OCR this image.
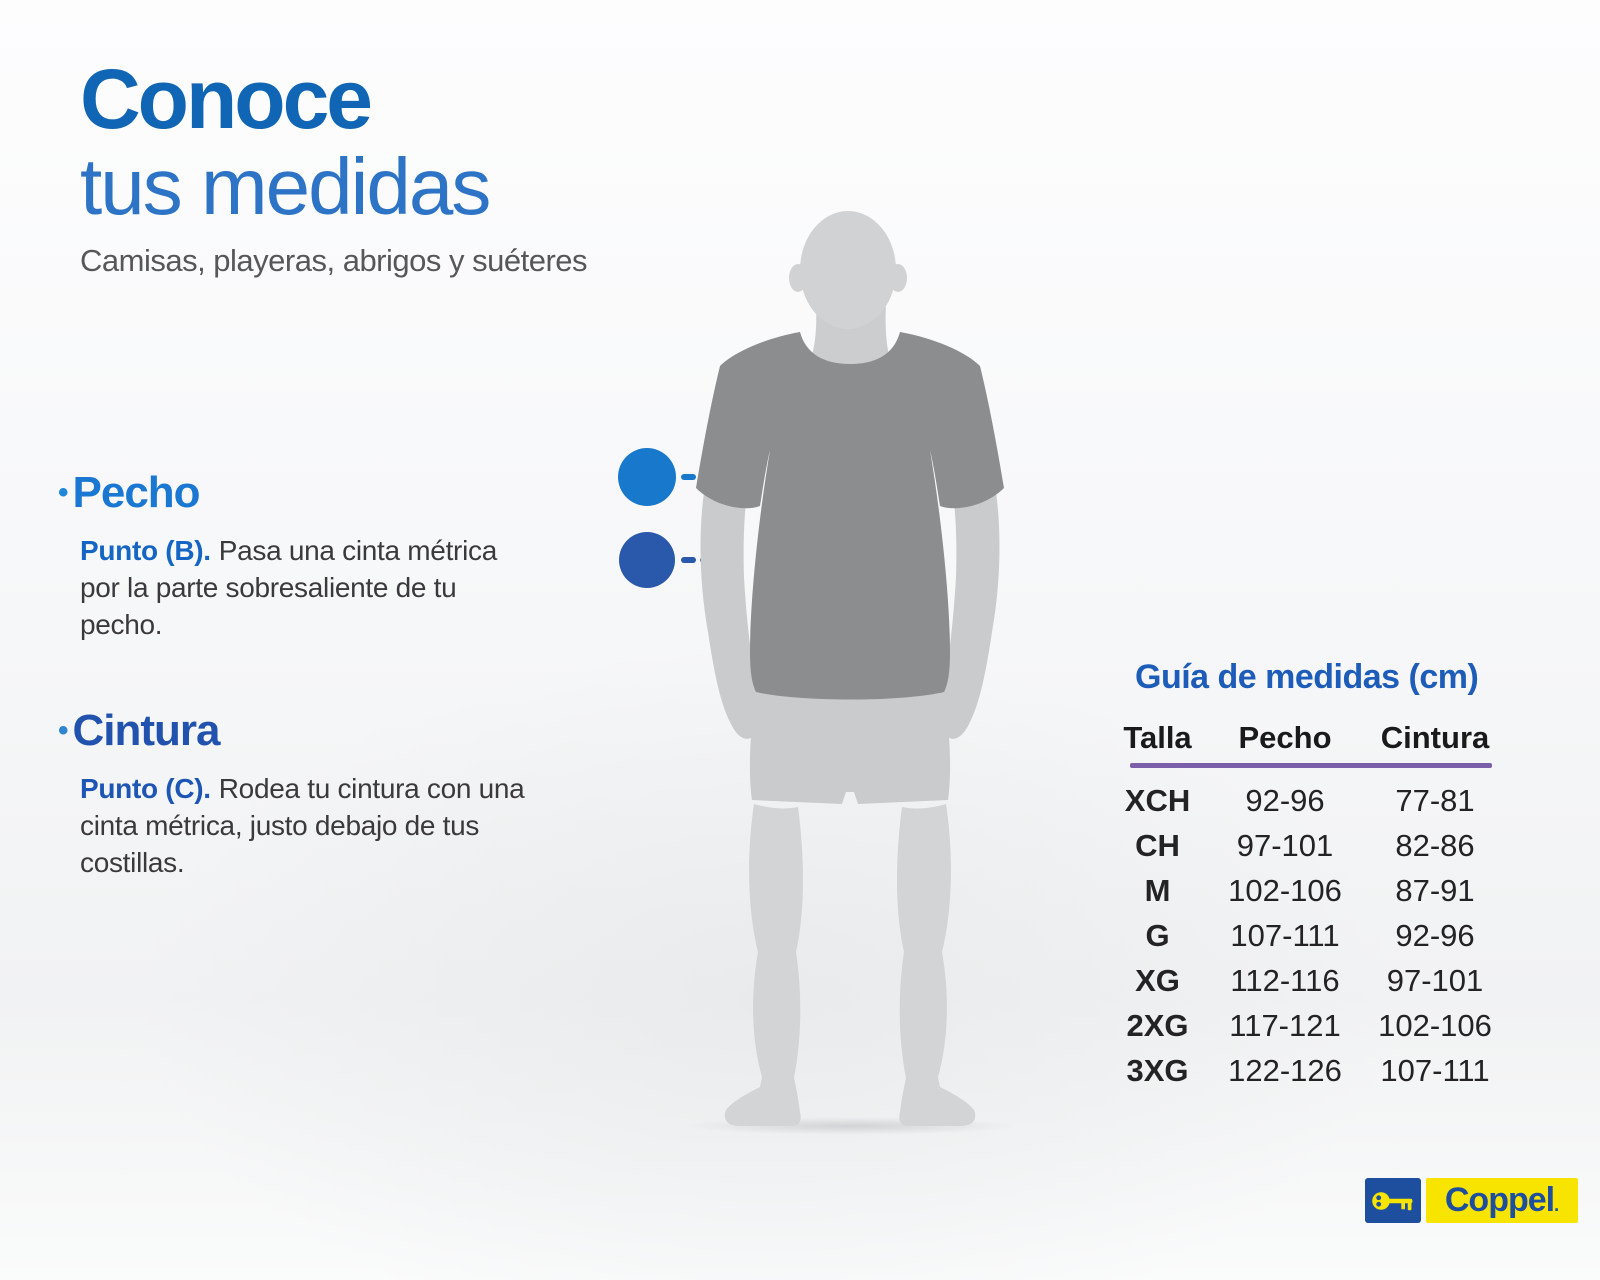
Conoce
tus medidas
Camisas, playeras, abrigos y suéteres
• Pecho
Punto (B). Pasa una cinta métrica por la parte sobresaliente de tu pecho.
• Cintura
Punto (C). Rodea tu cintura con una cinta métrica, justo debajo de tus costillas.
Guía de medidas (cm)
Talla	Pecho	Cintura
XCH	92-96	77-81
CH	97-101	82-86
M	102-106	87-91
G	107-111	92-96
XG	112-116	97-101
2XG	117-121	102-106
3XG	122-126	107-111
Coppel .
